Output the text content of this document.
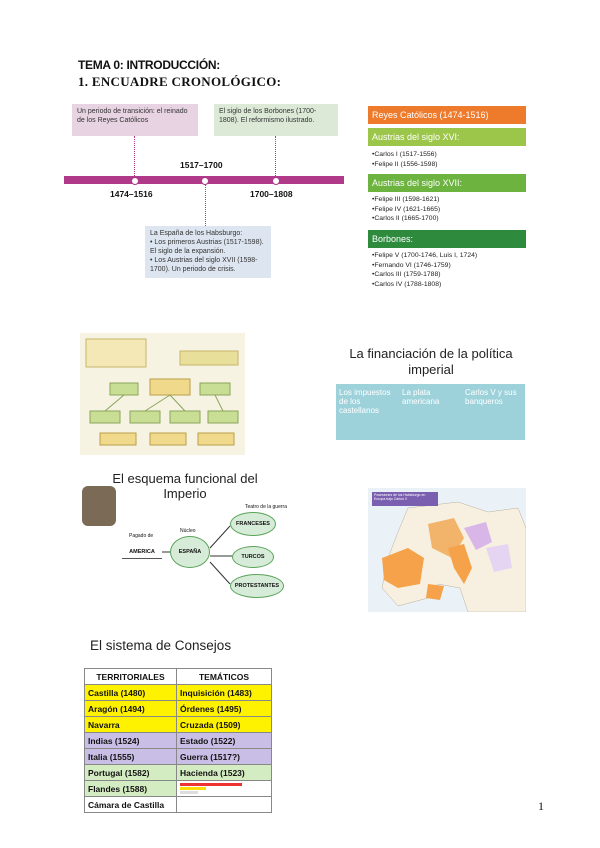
TEMA 0: INTRODUCCIÓN:
1. ENCUADRE CRONOLÓGICO:
Un periodo de transición: el reinado de los Reyes Católicos
El siglo de los Borbones (1700-1808). El reformismo ilustrado.
1517–1700
1474–1516	1700–1808
La España de los Habsburgo:
• Los primeros Austrias (1517-1598). El siglo de la expansión.
• Los Austrias del siglo XVII (1598-1700). Un periodo de crisis.
Reyes Católicos (1474-1516)
Austrias del siglo XVI:
• Carlos I (1517-1556)
• Felipe II (1556-1598)
Austrias del siglo XVII:
• Felipe III (1598-1621)
• Felipe IV (1621-1665)
• Carlos II (1665-1700)
Borbones:
• Felipe V (1700-1746, Luis I, 1724)
• Fernando VI (1746-1759)
• Carlos III (1759-1788)
• Carlos IV (1788-1808)
La financiación de la política imperial
Los impuestos de los castellanos
La plata americana
Carlos V y sus banqueros
El esquema funcional del Imperio
Teatro de la guerra
Pagado de
Núcleo
AMERICA	ESPAÑA
FRANCESES
TURCOS
PROTESTANTES
Posesiones de los Habsburgo en Europa bajo Carlos V
El sistema de Consejos
TERRITORIALES	TEMÁTICOS
Castilla (1480)	Inquisición (1483)
Aragón (1494)	Órdenes (1495)
Navarra	Cruzada (1509)
Indias (1524)	Estado (1522)
Italia (1555)	Guerra (1517?)
Portugal (1582)	Hacienda (1523)
Flandes (1588)	

Cámara de Castilla		1
